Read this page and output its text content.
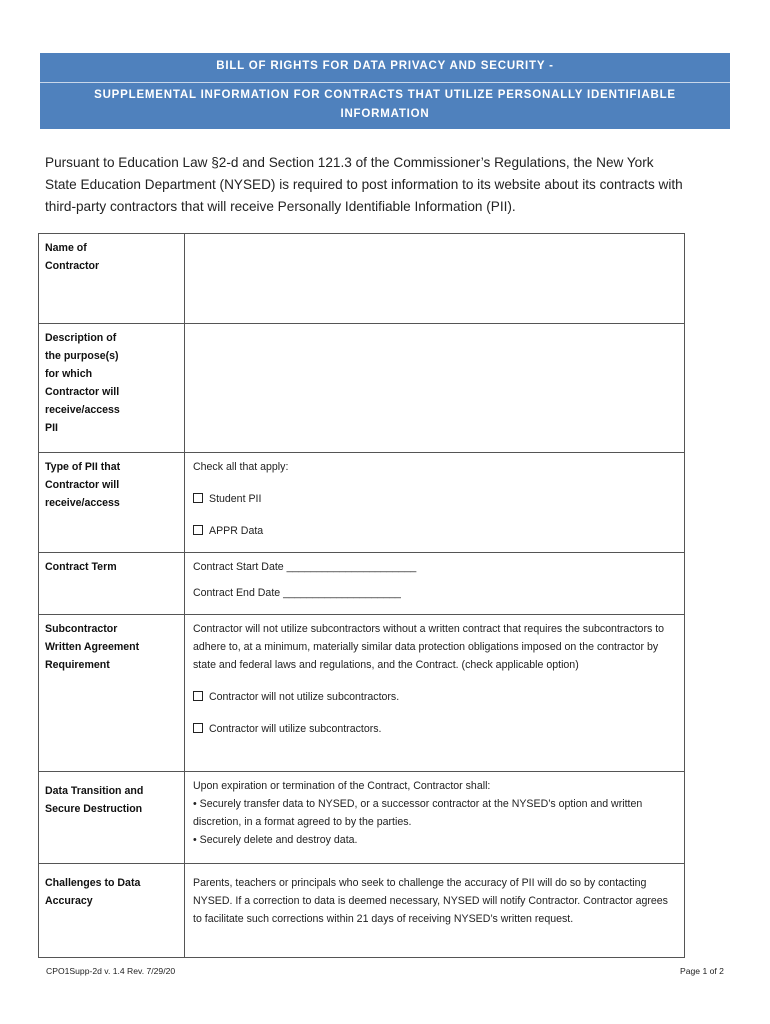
BILL OF RIGHTS FOR DATA PRIVACY AND SECURITY -
SUPPLEMENTAL INFORMATION FOR CONTRACTS THAT UTILIZE PERSONALLY IDENTIFIABLE INFORMATION
Pursuant to Education Law §2-d and Section 121.3 of the Commissioner’s Regulations, the New York State Education Department (NYSED) is required to post information to its website about its contracts with third-party contractors that will receive Personally Identifiable Information (PII).
Name of Contractor	
Description of the purpose(s) for which Contractor will receive/access PII	
Type of PII that Contractor will receive/access	Check all that apply:
Student PII
APPR Data

Contract Term	Contract Start Date ______________________
Contract End Date ____________________

Subcontractor Written Agreement Requirement	Contractor will not utilize subcontractors without a written contract that requires the subcontractors to adhere to, at a minimum, materially similar data protection obligations imposed on the contractor by state and federal laws and regulations, and the Contract. (check applicable option)
Contractor will not utilize subcontractors.
Contractor will utilize subcontractors.

Data Transition and Secure Destruction	Upon expiration or termination of the Contract, Contractor shall:
• Securely transfer data to NYSED, or a successor contractor at the NYSED’s option and written discretion, in a format agreed to by the parties.
• Securely delete and destroy data.

Challenges to Data Accuracy	Parents, teachers or principals who seek to challenge the accuracy of PII will do so by contacting NYSED. If a correction to data is deemed necessary, NYSED will notify Contractor. Contractor agrees to facilitate such corrections within 21 days of receiving NYSED’s written request.
CPO1Supp-2d v. 1.4 Rev. 7/29/20	Page 1 of 2
